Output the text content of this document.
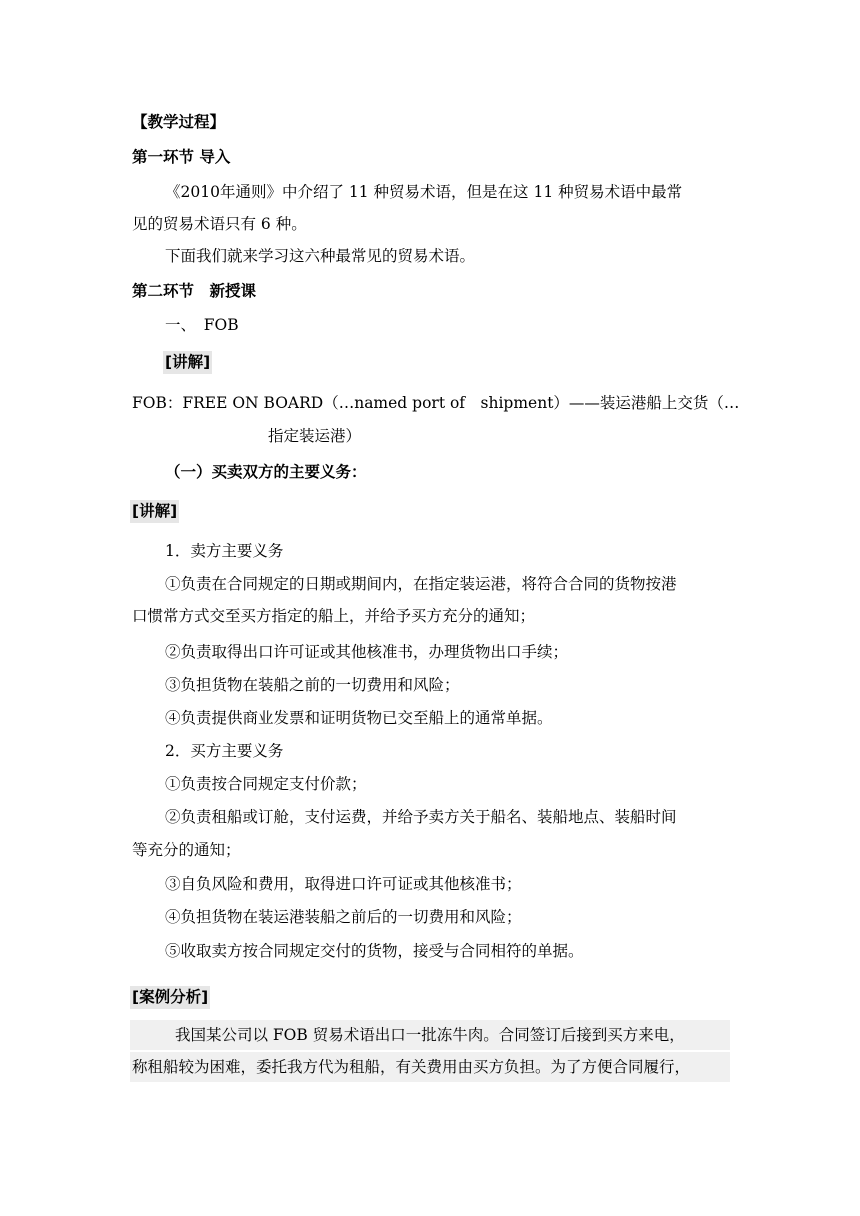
【教学过程】
第一环节 导入
《2010年通则》中介绍了 11 种贸易术语，但是在这 11 种贸易术语中最常
见的贸易术语只有 6 种。
下面我们就来学习这六种最常见的贸易术语。
第二环节　新授课
一、　FOB
[讲解]
FOB：FREE ON BOARD（…named port of　shipment）——装运港船上交货（…
指定装运港）
（一）买卖双方的主要义务：
[讲解]
1．卖方主要义务
①负责在合同规定的日期或期间内，在指定装运港，将符合合同的货物按港
口惯常方式交至买方指定的船上，并给予买方充分的通知；
②负责取得出口许可证或其他核准书，办理货物出口手续；
③负担货物在装船之前的一切费用和风险；
④负责提供商业发票和证明货物已交至船上的通常单据。
2．买方主要义务
①负责按合同规定支付价款；
②负责租船或订舱，支付运费，并给予卖方关于船名、装船地点、装船时间
等充分的通知；
③自负风险和费用，取得进口许可证或其他核准书；
④负担货物在装运港装船之前后的一切费用和风险；
⑤收取卖方按合同规定交付的货物，接受与合同相符的单据。
[案例分析]
我国某公司以 FOB 贸易术语出口一批冻牛肉。合同签订后接到买方来电，
称租船较为困难，委托我方代为租船，有关费用由买方负担。为了方便合同履行，
